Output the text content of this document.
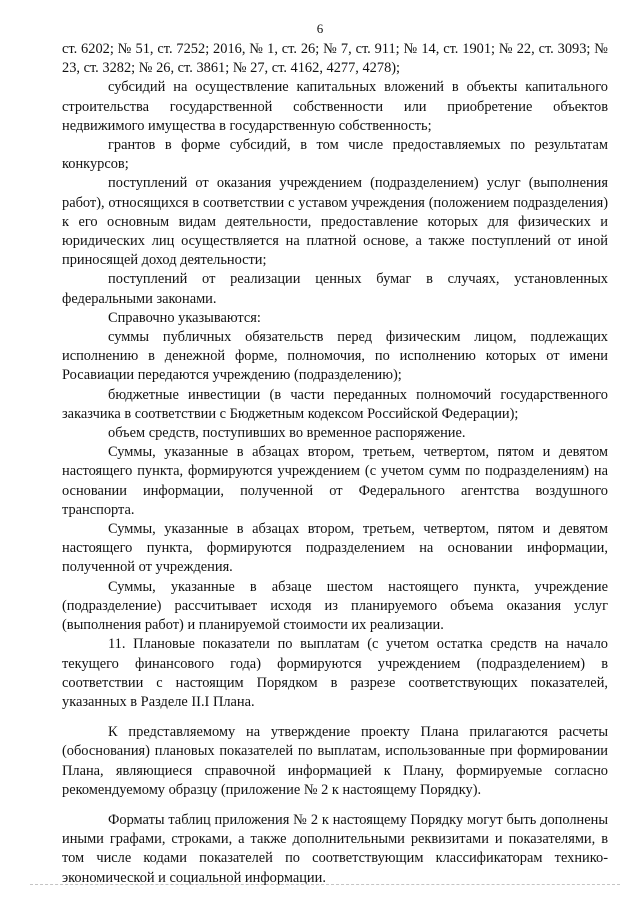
6

ст. 6202; № 51, ст. 7252; 2016, № 1, ст. 26; № 7, ст. 911; № 14, ст. 1901; № 22, ст. 3093; № 23, ст. 3282; № 26, ст. 3861; № 27, ст. 4162, 4277, 4278);

субсидий на осуществление капитальных вложений в объекты капитального строительства государственной собственности или приобретение объектов недвижимого имущества в государственную собственность;

грантов в форме субсидий, в том числе предоставляемых по результатам конкурсов;

поступлений от оказания учреждением (подразделением) услуг (выполнения работ), относящихся в соответствии с уставом учреждения (положением подразделения) к его основным видам деятельности, предоставление которых для физических и юридических лиц осуществляется на платной основе, а также поступлений от иной приносящей доход деятельности;

поступлений от реализации ценных бумаг в случаях, установленных федеральными законами.

Справочно указываются:

суммы публичных обязательств перед физическим лицом, подлежащих исполнению в денежной форме, полномочия, по исполнению которых от имени Росавиации передаются учреждению (подразделению);

бюджетные инвестиции (в части переданных полномочий государственного заказчика в соответствии с Бюджетным кодексом Российской Федерации);

объем средств, поступивших во временное распоряжение.

Суммы, указанные в абзацах втором, третьем, четвертом, пятом и девятом настоящего пункта, формируются учреждением (с учетом сумм по подразделениям) на основании информации, полученной от Федерального агентства воздушного транспорта.

Суммы, указанные в абзацах втором, третьем, четвертом, пятом и девятом настоящего пункта, формируются подразделением на основании информации, полученной от учреждения.

Суммы, указанные в абзаце шестом настоящего пункта, учреждение (подразделение) рассчитывает исходя из планируемого объема оказания услуг (выполнения работ) и планируемой стоимости их реализации.

11. Плановые показатели по выплатам (с учетом остатка средств на начало текущего финансового года) формируются учреждением (подразделением) в соответствии с настоящим Порядком в разрезе соответствующих показателей, указанных в Разделе II.I Плана.

К представляемому на утверждение проекту Плана прилагаются расчеты (обоснования) плановых показателей по выплатам, использованные при формировании Плана, являющиеся справочной информацией к Плану, формируемые согласно рекомендуемому образцу (приложение № 2 к настоящему Порядку).

Форматы таблиц приложения № 2 к настоящему Порядку могут быть дополнены иными графами, строками, а также дополнительными реквизитами и показателями, в том числе кодами показателей по соответствующим классификаторам технико-экономической и социальной информации.
